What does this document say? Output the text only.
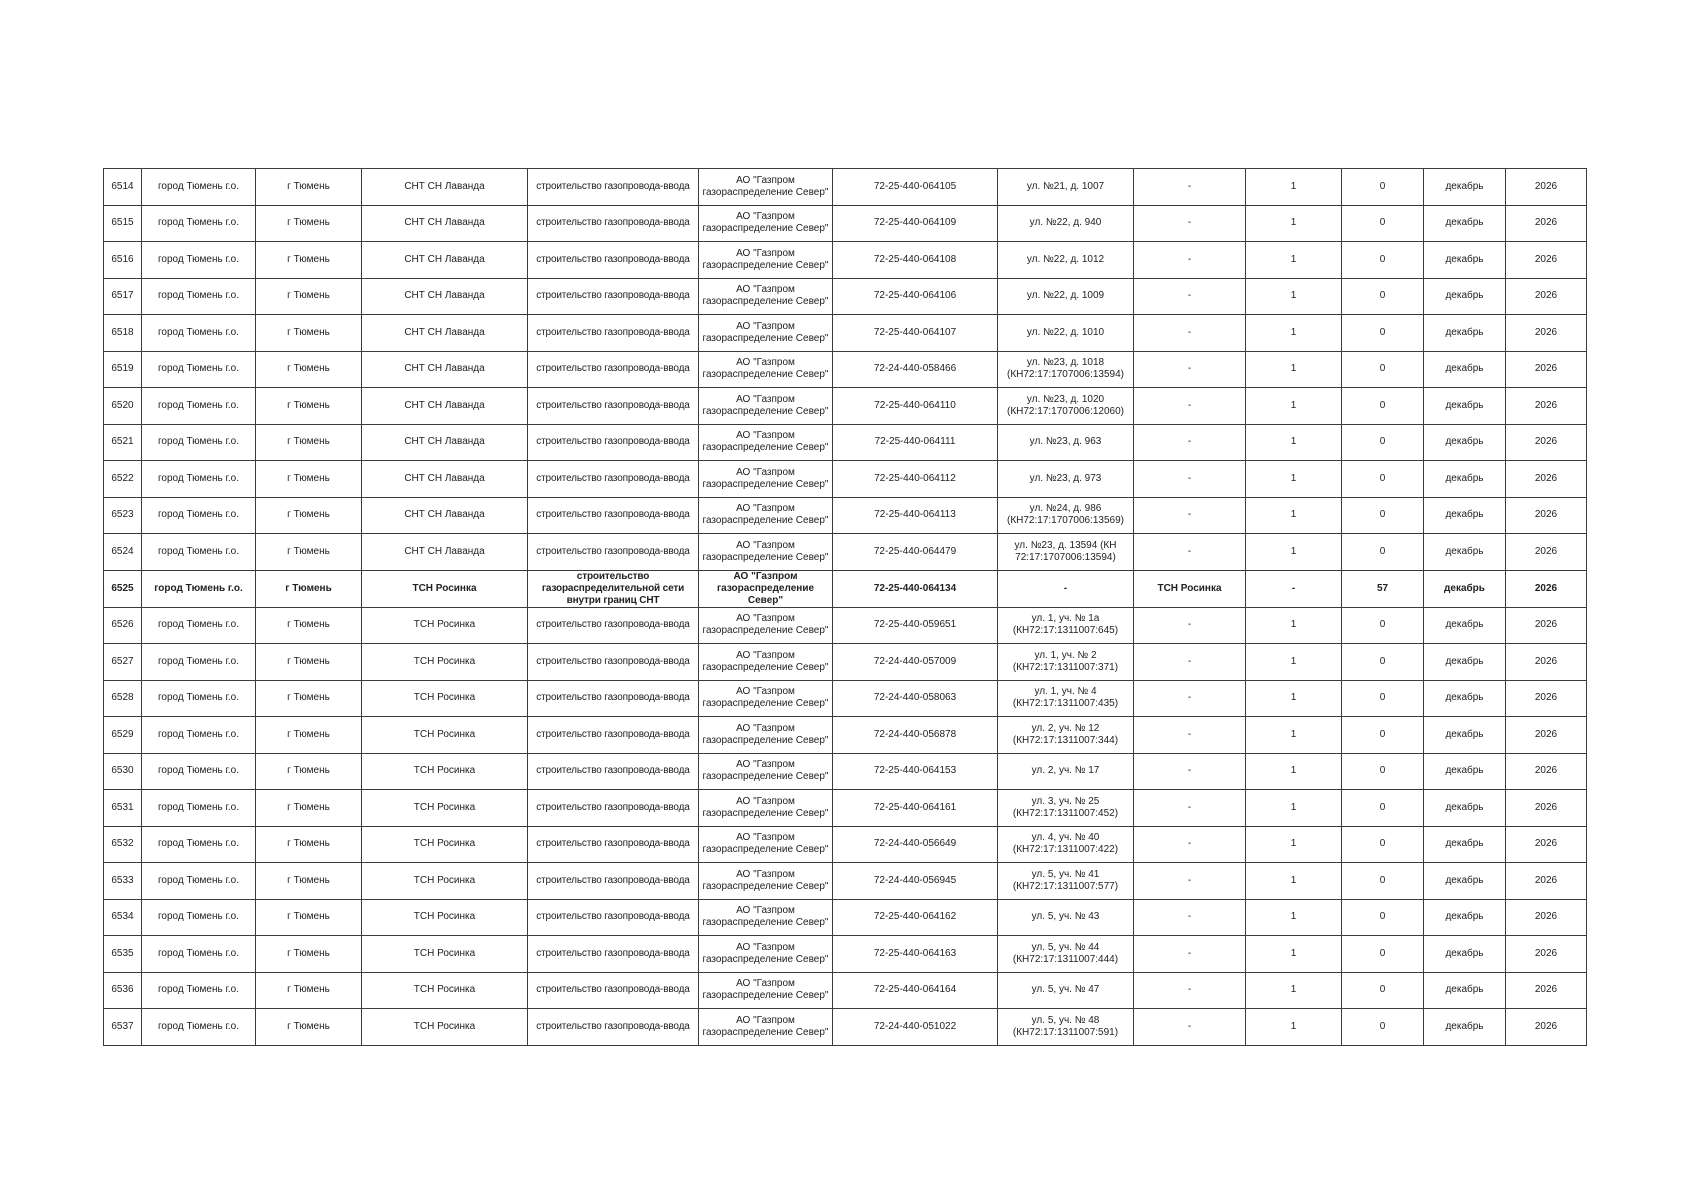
6514	город Тюмень г.о.	г Тюмень	СНТ СН Лаванда	строительство газопровода-ввода	АО "Газпром газораспределение Север"	72-25-440-064105	ул. №21, д. 1007	-	1	0	декабрь	2026
6515	город Тюмень г.о.	г Тюмень	СНТ СН Лаванда	строительство газопровода-ввода	АО "Газпром газораспределение Север"	72-25-440-064109	ул. №22, д. 940	-	1	0	декабрь	2026
6516	город Тюмень г.о.	г Тюмень	СНТ СН Лаванда	строительство газопровода-ввода	АО "Газпром газораспределение Север"	72-25-440-064108	ул. №22, д. 1012	-	1	0	декабрь	2026
6517	город Тюмень г.о.	г Тюмень	СНТ СН Лаванда	строительство газопровода-ввода	АО "Газпром газораспределение Север"	72-25-440-064106	ул. №22, д. 1009	-	1	0	декабрь	2026
6518	город Тюмень г.о.	г Тюмень	СНТ СН Лаванда	строительство газопровода-ввода	АО "Газпром газораспределение Север"	72-25-440-064107	ул. №22, д. 1010	-	1	0	декабрь	2026
6519	город Тюмень г.о.	г Тюмень	СНТ СН Лаванда	строительство газопровода-ввода	АО "Газпром газораспределение Север"	72-24-440-058466	ул. №23, д. 1018 (КН72:17:1707006:13594)	-	1	0	декабрь	2026
6520	город Тюмень г.о.	г Тюмень	СНТ СН Лаванда	строительство газопровода-ввода	АО "Газпром газораспределение Север"	72-25-440-064110	ул. №23, д. 1020 (КН72:17:1707006:12060)	-	1	0	декабрь	2026
6521	город Тюмень г.о.	г Тюмень	СНТ СН Лаванда	строительство газопровода-ввода	АО "Газпром газораспределение Север"	72-25-440-064111	ул. №23, д. 963	-	1	0	декабрь	2026
6522	город Тюмень г.о.	г Тюмень	СНТ СН Лаванда	строительство газопровода-ввода	АО "Газпром газораспределение Север"	72-25-440-064112	ул. №23, д. 973	-	1	0	декабрь	2026
6523	город Тюмень г.о.	г Тюмень	СНТ СН Лаванда	строительство газопровода-ввода	АО "Газпром газораспределение Север"	72-25-440-064113	ул. №24, д. 986 (КН72:17:1707006:13569)	-	1	0	декабрь	2026
6524	город Тюмень г.о.	г Тюмень	СНТ СН Лаванда	строительство газопровода-ввода	АО "Газпром газораспределение Север"	72-25-440-064479	ул. №23, д. 13594 (КН 72:17:1707006:13594)	-	1	0	декабрь	2026
6525	город Тюмень г.о.	г Тюмень	ТСН Росинка	строительство газораспределительной сети внутри границ СНТ	АО "Газпром газораспределение Север"	72-25-440-064134	-	ТСН Росинка	-	57	декабрь	2026
6526	город Тюмень г.о.	г Тюмень	ТСН Росинка	строительство газопровода-ввода	АО "Газпром газораспределение Север"	72-25-440-059651	ул. 1, уч. № 1а (КН72:17:1311007:645)	-	1	0	декабрь	2026
6527	город Тюмень г.о.	г Тюмень	ТСН Росинка	строительство газопровода-ввода	АО "Газпром газораспределение Север"	72-24-440-057009	ул. 1, уч. № 2 (КН72:17:1311007:371)	-	1	0	декабрь	2026
6528	город Тюмень г.о.	г Тюмень	ТСН Росинка	строительство газопровода-ввода	АО "Газпром газораспределение Север"	72-24-440-058063	ул. 1, уч. № 4 (КН72:17:1311007:435)	-	1	0	декабрь	2026
6529	город Тюмень г.о.	г Тюмень	ТСН Росинка	строительство газопровода-ввода	АО "Газпром газораспределение Север"	72-24-440-056878	ул. 2, уч. № 12 (КН72:17:1311007:344)	-	1	0	декабрь	2026
6530	город Тюмень г.о.	г Тюмень	ТСН Росинка	строительство газопровода-ввода	АО "Газпром газораспределение Север"	72-25-440-064153	ул. 2, уч. № 17	-	1	0	декабрь	2026
6531	город Тюмень г.о.	г Тюмень	ТСН Росинка	строительство газопровода-ввода	АО "Газпром газораспределение Север"	72-25-440-064161	ул. 3, уч. № 25 (КН72:17:1311007:452)	-	1	0	декабрь	2026
6532	город Тюмень г.о.	г Тюмень	ТСН Росинка	строительство газопровода-ввода	АО "Газпром газораспределение Север"	72-24-440-056649	ул. 4, уч. № 40 (КН72:17:1311007:422)	-	1	0	декабрь	2026
6533	город Тюмень г.о.	г Тюмень	ТСН Росинка	строительство газопровода-ввода	АО "Газпром газораспределение Север"	72-24-440-056945	ул. 5, уч. № 41 (КН72:17:1311007:577)	-	1	0	декабрь	2026
6534	город Тюмень г.о.	г Тюмень	ТСН Росинка	строительство газопровода-ввода	АО "Газпром газораспределение Север"	72-25-440-064162	ул. 5, уч. № 43	-	1	0	декабрь	2026
6535	город Тюмень г.о.	г Тюмень	ТСН Росинка	строительство газопровода-ввода	АО "Газпром газораспределение Север"	72-25-440-064163	ул. 5, уч. № 44 (КН72:17:1311007:444)	-	1	0	декабрь	2026
6536	город Тюмень г.о.	г Тюмень	ТСН Росинка	строительство газопровода-ввода	АО "Газпром газораспределение Север"	72-25-440-064164	ул. 5, уч. № 47	-	1	0	декабрь	2026
6537	город Тюмень г.о.	г Тюмень	ТСН Росинка	строительство газопровода-ввода	АО "Газпром газораспределение Север"	72-24-440-051022	ул. 5, уч. № 48 (КН72:17:1311007:591)	-	1	0	декабрь	2026
